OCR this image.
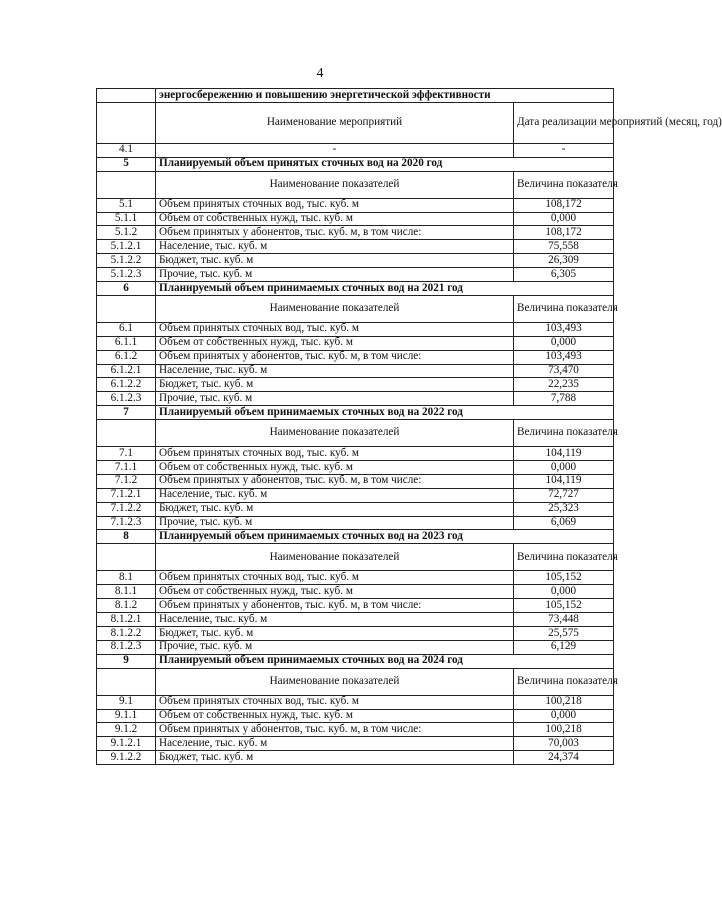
4
	энергосбережению и повышению энергетической эффективности	
	Наименование мероприятий	Дата реализации мероприятий (месяц, год)
4.1	-	-
5	Планируемый объем принятых сточных вод на 2020 год	
	Наименование показателей	Величина показателя
5.1	Объем принятых сточных вод, тыс. куб. м	108,172
5.1.1	Объем от собственных нужд, тыс. куб. м	0,000
5.1.2	Объем принятых у абонентов, тыс. куб. м, в том числе:	108,172
5.1.2.1	Население, тыс. куб. м	75,558
5.1.2.2	Бюджет, тыс. куб. м	26,309
5.1.2.3	Прочие, тыс. куб. м	6,305
6	Планируемый объем принимаемых сточных вод на 2021 год	
	Наименование показателей	Величина показателя
6.1	Объем принятых сточных вод, тыс. куб. м	103,493
6.1.1	Объем от собственных нужд, тыс. куб. м	0,000
6.1.2	Объем принятых у абонентов, тыс. куб. м, в том числе:	103,493
6.1.2.1	Население, тыс. куб. м	73,470
6.1.2.2	Бюджет, тыс. куб. м	22,235
6.1.2.3	Прочие, тыс. куб. м	7,788
7	Планируемый объем принимаемых сточных вод на 2022 год	
	Наименование показателей	Величина показателя
7.1	Объем принятых сточных вод, тыс. куб. м	104,119
7.1.1	Объем от собственных нужд, тыс. куб. м	0,000
7.1.2	Объем принятых у абонентов, тыс. куб. м, в том числе:	104,119
7.1.2.1	Население, тыс. куб. м	72,727
7.1.2.2	Бюджет, тыс. куб. м	25,323
7.1.2.3	Прочие, тыс. куб. м	6,069
8	Планируемый объем принимаемых сточных вод на 2023 год	
	Наименование показателей	Величина показателя
8.1	Объем принятых сточных вод, тыс. куб. м	105,152
8.1.1	Объем от собственных нужд, тыс. куб. м	0,000
8.1.2	Объем принятых у абонентов, тыс. куб. м, в том числе:	105,152
8.1.2.1	Население, тыс. куб. м	73,448
8.1.2.2	Бюджет, тыс. куб. м	25,575
8.1.2.3	Прочие, тыс. куб. м	6,129
9	Планируемый объем принимаемых сточных вод на 2024 год	
	Наименование показателей	Величина показателя
9.1	Объем принятых сточных вод, тыс. куб. м	100,218
9.1.1	Объем от собственных нужд, тыс. куб. м	0,000
9.1.2	Объем принятых у абонентов, тыс. куб. м, в том числе:	100,218
9.1.2.1	Население, тыс. куб. м	70,003
9.1.2.2	Бюджет, тыс. куб. м	24,374
